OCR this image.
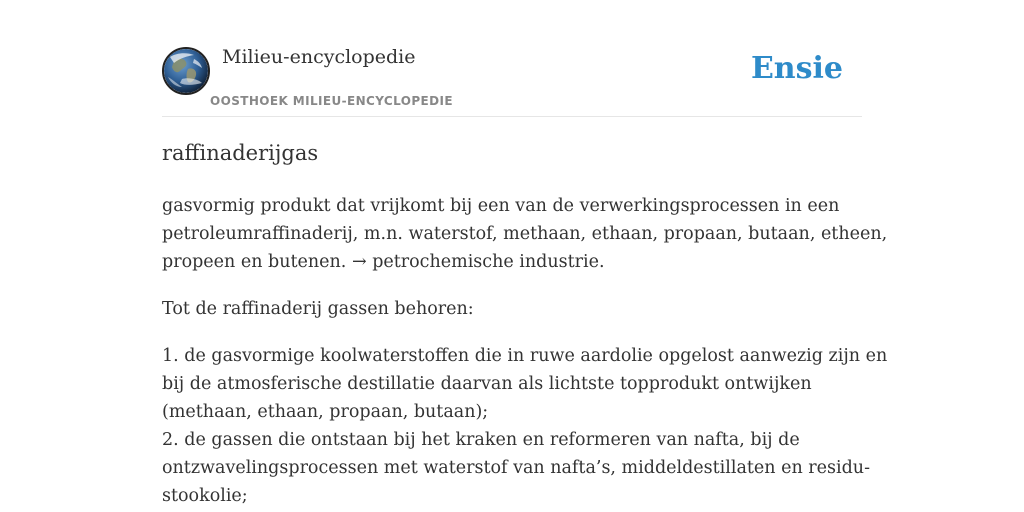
Milieu-encyclopedie
OOSTHOEK MILIEU-ENCYCLOPEDIE
Ensie
raffinaderijgas

gasvormig produkt dat vrijkomt bij een van de verwerkingsprocessen in een
petroleumraffinaderij, m.n. waterstof, methaan, ethaan, propaan, butaan, etheen,
propeen en butenen. → petrochemische industrie.

Tot de raffinaderij gassen behoren:

1. de gasvormige koolwaterstoffen die in ruwe aardolie opgelost aanwezig zijn en
bij de atmosferische destillatie daarvan als lichtste topprodukt ontwijken
(methaan, ethaan, propaan, butaan);
2. de gassen die ontstaan bij het kraken en reformeren van nafta, bij de
ontzwavelingsprocessen met waterstof van nafta’s, middeldestillaten en residu-
stookolie;
